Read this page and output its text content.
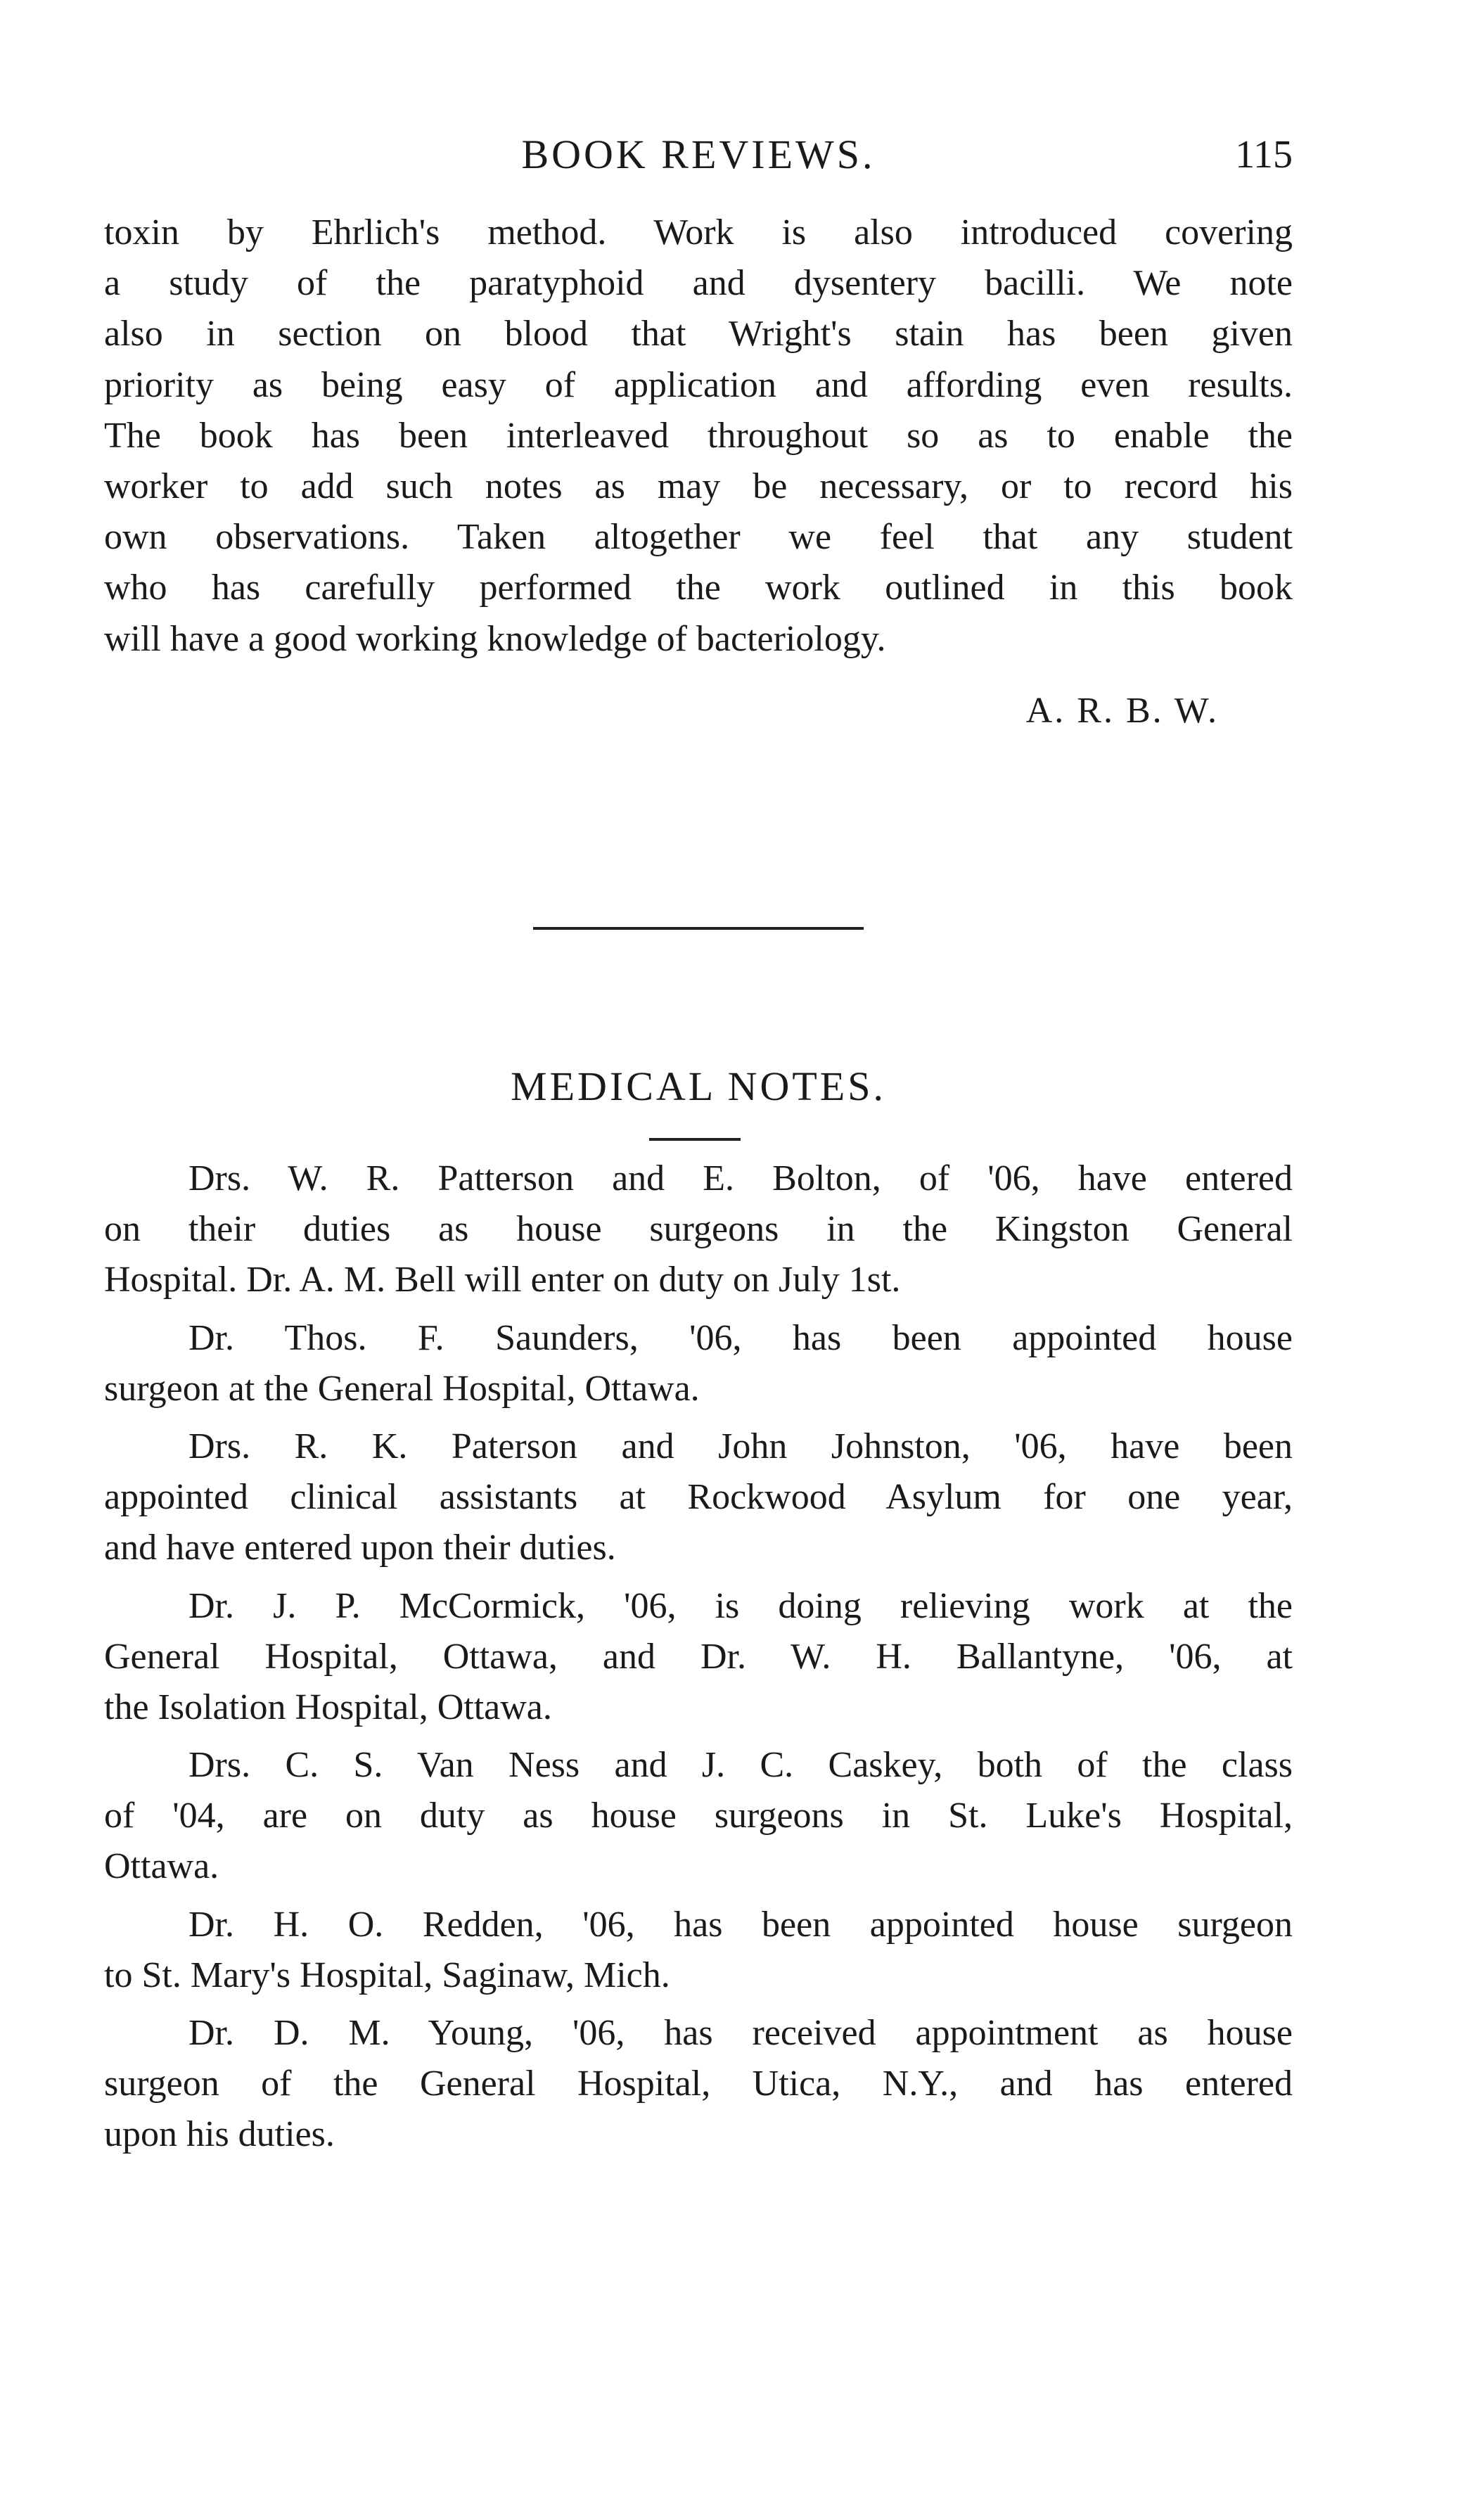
BOOK REVIEWS.	115
toxin by Ehrlich's method. Work is also introduced covering
a study of the paratyphoid and dysentery bacilli. We note
also in section on blood that Wright's stain has been given
priority as being easy of application and affording even results.
The book has been interleaved throughout so as to enable the
worker to add such notes as may be necessary, or to record his
own observations. Taken altogether we feel that any student
who has carefully performed the work outlined in this book
will have a good working knowledge of bacteriology.
A. R. B. W.
MEDICAL NOTES.
Drs. W. R. Patterson and E. Bolton, of '06, have entered
on their duties as house surgeons in the Kingston General
Hospital. Dr. A. M. Bell will enter on duty on July 1st.
Dr. Thos. F. Saunders, '06, has been appointed house
surgeon at the General Hospital, Ottawa.
Drs. R. K. Paterson and John Johnston, '06, have been
appointed clinical assistants at Rockwood Asylum for one year,
and have entered upon their duties.
Dr. J. P. McCormick, '06, is doing relieving work at the
General Hospital, Ottawa, and Dr. W. H. Ballantyne, '06, at
the Isolation Hospital, Ottawa.
Drs. C. S. Van Ness and J. C. Caskey, both of the class
of '04, are on duty as house surgeons in St. Luke's Hospital,
Ottawa.
Dr. H. O. Redden, '06, has been appointed house surgeon
to St. Mary's Hospital, Saginaw, Mich.
Dr. D. M. Young, '06, has received appointment as house
surgeon of the General Hospital, Utica, N.Y., and has entered
upon his duties.
